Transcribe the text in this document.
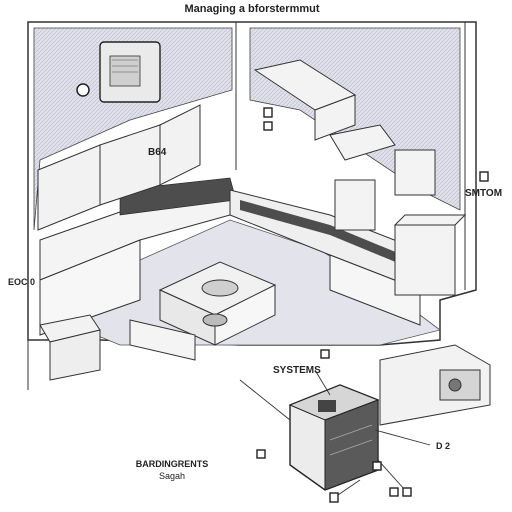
Managing a bforstermmut
B64
SMTOM
EOC 0
SYSTEMS
D 2
BARDINGRENTS
Sagah
